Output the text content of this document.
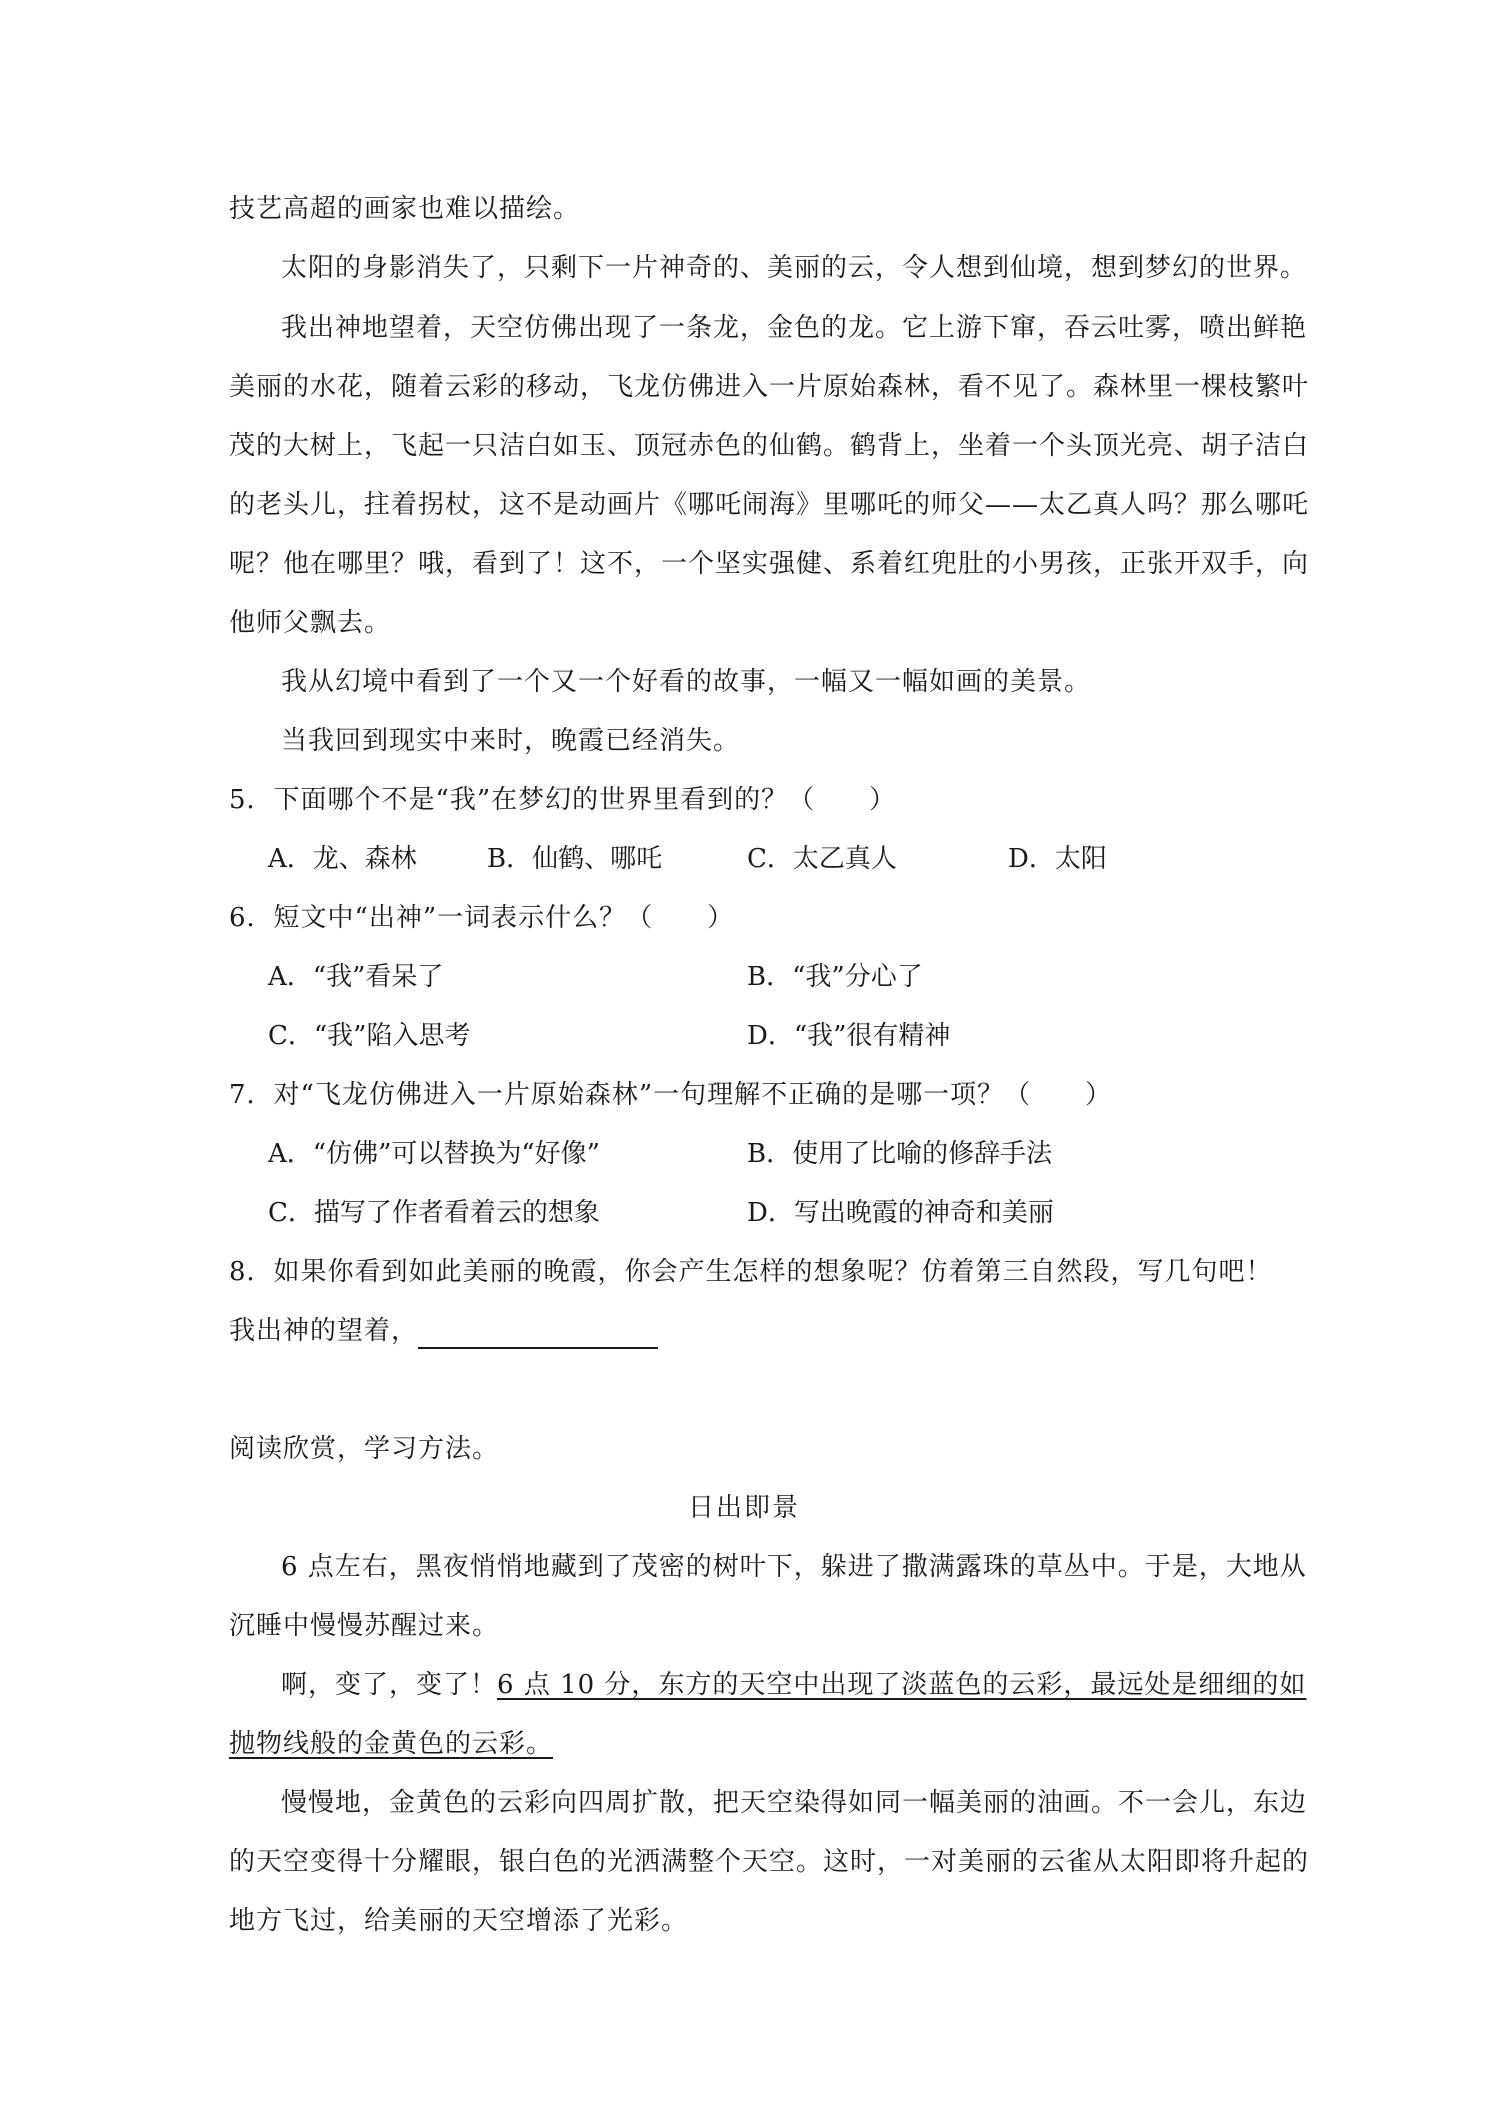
技艺高超的画家也难以描绘。
太阳的身影消失了，只剩下一片神奇的、美丽的云，令人想到仙境，想到梦幻的世界。
我出神地望着，天空仿佛出现了一条龙，金色的龙。它上游下窜，吞云吐雾，喷出鲜艳
美丽的水花，随着云彩的移动，飞龙仿佛进入一片原始森林，看不见了。森林里一棵枝繁叶
茂的大树上，飞起一只洁白如玉、顶冠赤色的仙鹤。鹤背上，坐着一个头顶光亮、胡子洁白
的老头儿，拄着拐杖，这不是动画片《哪吒闹海》里哪吒的师父——太乙真人吗？那么哪吒
呢？他在哪里？哦，看到了！这不，一个坚实强健、系着红兜肚的小男孩，正张开双手，向
他师父飘去。
我从幻境中看到了一个又一个好看的故事，一幅又一幅如画的美景。
当我回到现实中来时，晚霞已经消失。
5．下面哪个不是“我”在梦幻的世界里看到的？（　　）
A．龙、森林	B．仙鹤、哪吒	C．太乙真人	D．太阳
6．短文中“出神”一词表示什么？（　　）
A．“我”看呆了	B．“我”分心了
C．“我”陷入思考	D．“我”很有精神
7．对“飞龙仿佛进入一片原始森林”一句理解不正确的是哪一项？（　　）
A．“仿佛”可以替换为“好像”	B．使用了比喻的修辞手法
C．描写了作者看着云的想象	D．写出晚霞的神奇和美丽
8．如果你看到如此美丽的晚霞，你会产生怎样的想象呢？仿着第三自然段，写几句吧！
我出神的望着，
阅读欣赏，学习方法。
日出即景
6 点左右，黑夜悄悄地藏到了茂密的树叶下，躲进了撒满露珠的草丛中。于是，大地从
沉睡中慢慢苏醒过来。
啊，变了，变了！6 点 10 分，东方的天空中出现了淡蓝色的云彩，最远处是细细的如
抛物线般的金黄色的云彩。
慢慢地，金黄色的云彩向四周扩散，把天空染得如同一幅美丽的油画。不一会儿，东边
的天空变得十分耀眼，银白色的光洒满整个天空。这时，一对美丽的云雀从太阳即将升起的
地方飞过，给美丽的天空增添了光彩。
